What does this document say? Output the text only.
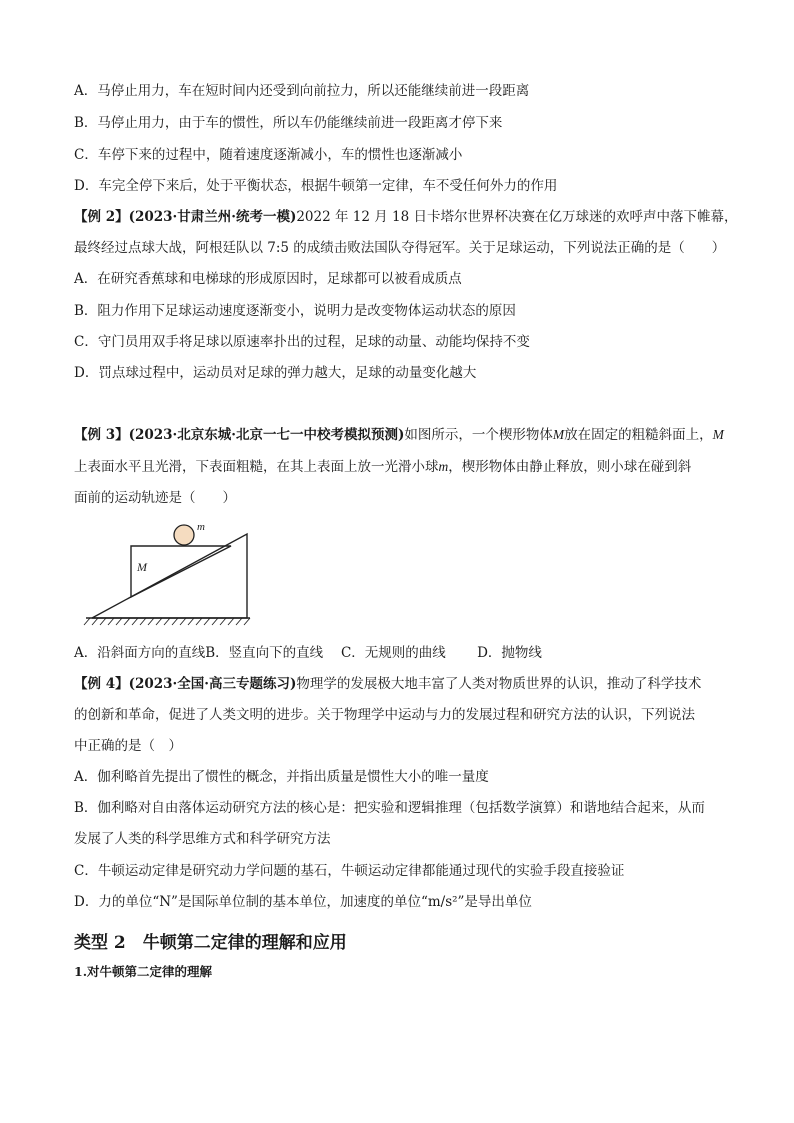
A．马停止用力，车在短时间内还受到向前拉力，所以还能继续前进一段距离
B．马停止用力，由于车的惯性，所以车仍能继续前进一段距离才停下来
C．车停下来的过程中，随着速度逐渐减小，车的惯性也逐渐减小
D．车完全停下来后，处于平衡状态，根据牛顿第一定律，车不受任何外力的作用
【例 2】(2023·甘肃兰州·统考一模)2022 年 12 月 18 日卡塔尔世界杯决赛在亿万球迷的欢呼声中落下帷幕，
最终经过点球大战，阿根廷队以 7:5 的成绩击败法国队夺得冠军。关于足球运动，下列说法正确的是（　　）
A．在研究香蕉球和电梯球的形成原因时，足球都可以被看成质点
B．阻力作用下足球运动速度逐渐变小，说明力是改变物体运动状态的原因
C．守门员用双手将足球以原速率扑出的过程，足球的动量、动能均保持不变
D．罚点球过程中，运动员对足球的弹力越大，足球的动量变化越大
【例 3】(2023·北京东城·北京一七一中校考模拟预测)如图所示，一个楔形物体M放在固定的粗糙斜面上，M
上表面水平且光滑，下表面粗糙，在其上表面上放一光滑小球m，楔形物体由静止释放，则小球在碰到斜
面前的运动轨迹是（　　）
m
M
A．沿斜面方向的直线B．竖直向下的直线　 C．无规则的曲线　　 D．抛物线
【例 4】(2023·全国·高三专题练习)物理学的发展极大地丰富了人类对物质世界的认识，推动了科学技术
的创新和革命，促进了人类文明的进步。关于物理学中运动与力的发展过程和研究方法的认识，下列说法
中正确的是（　）
A．伽利略首先提出了惯性的概念，并指出质量是惯性大小的唯一量度
B．伽利略对自由落体运动研究方法的核心是：把实验和逻辑推理（包括数学演算）和谐地结合起来，从而
发展了人类的科学思维方式和科学研究方法
C．牛顿运动定律是研究动力学问题的基石，牛顿运动定律都能通过现代的实验手段直接验证
D．力的单位“N”是国际单位制的基本单位，加速度的单位“m/s²”是导出单位
类型 2　牛顿第二定律的理解和应用
1.对牛顿第二定律的理解
